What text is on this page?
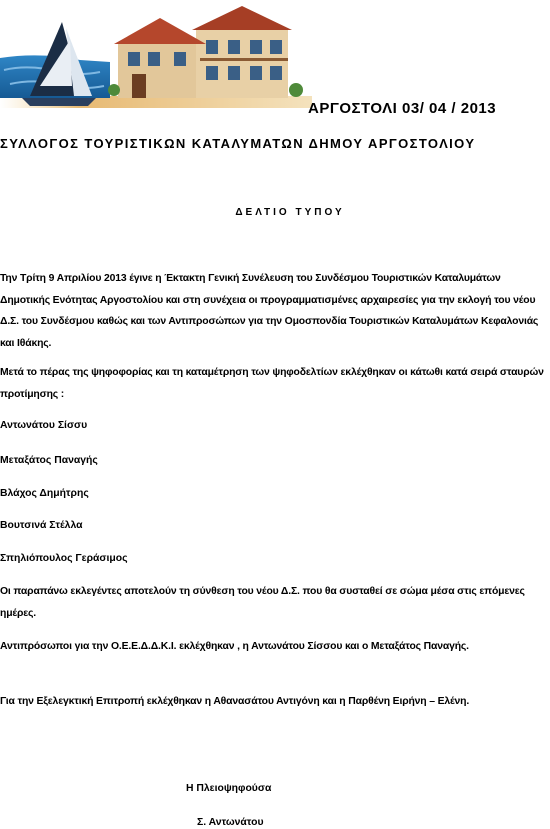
ΑΡΓΟΣΤΟΛΙ 03/ 04 / 2013
ΣΥΛΛΟΓΟΣ ΤΟΥΡΙΣΤΙΚΩΝ ΚΑΤΑΛΥΜΑΤΩΝ ΔΗΜΟΥ ΑΡΓΟΣΤΟΛΙΟΥ
ΔΕΛΤΙΟ ΤΥΠΟΥ

Την Τρίτη 9 Απριλίου 2013 έγινε η Έκτακτη Γενική Συνέλευση του Συνδέσμου Τουριστικών Καταλυμάτων Δημοτικής Ενότητας Αργοστολίου και στη συνέχεια οι προγραμματισμένες αρχαιρεσίες για την εκλογή του νέου Δ.Σ. του Συνδέσμου καθώς και των Αντιπροσώπων για την Ομοσπονδία Τουριστικών Καταλυμάτων Κεφαλονιάς και Ιθάκης.

Μετά το πέρας της ψηφοφορίας και τη καταμέτρηση των ψηφοδελτίων εκλέχθηκαν οι κάτωθι κατά σειρά σταυρών προτίμησης :

Αντωνάτου Σίσσυ
Μεταξάτος Παναγής
Βλάχος Δημήτρης
Βουτσινά Στέλλα
Σπηλιόπουλος Γεράσιμος

Οι παραπάνω εκλεγέντες αποτελούν τη σύνθεση του νέου Δ.Σ. που θα συσταθεί σε σώμα μέσα στις επόμενες ημέρες.

Αντιπρόσωποι για την Ο.Ε.Ε.Δ.Δ.Κ.Ι. εκλέχθηκαν , η Αντωνάτου Σίσσου και ο Μεταξάτος Παναγής.

Για την Εξελεγκτική Επιτροπή εκλέχθηκαν η Αθανασάτου Αντιγόνη και η Παρθένη Ειρήνη – Ελένη.

Η Πλειοψηφούσα
Σ. Αντωνάτου
